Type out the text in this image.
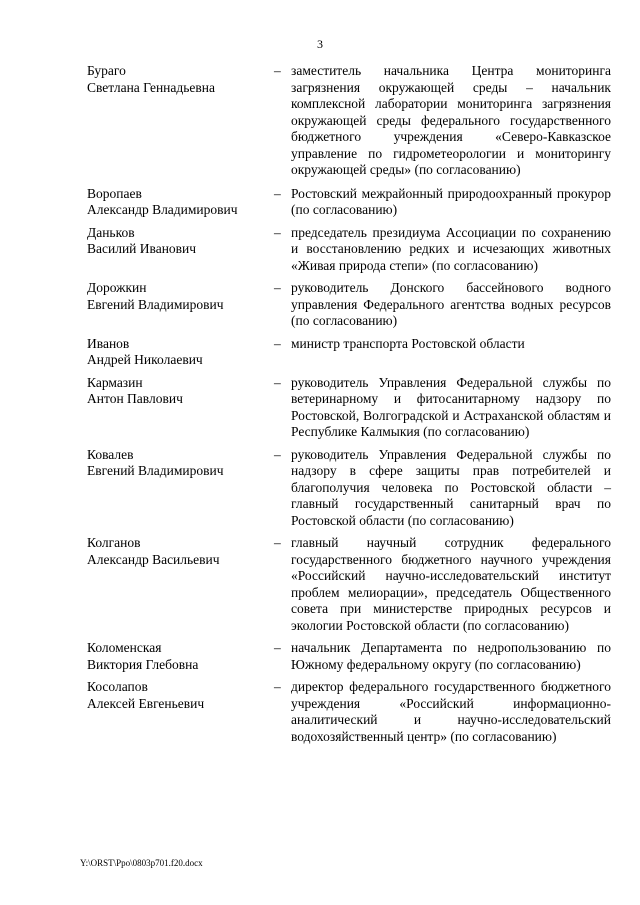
3
Бураго
Светлана Геннадьевна
– заместитель начальника Центра мониторинга загрязнения окружающей среды – начальник комплексной лаборатории мониторинга загрязнения окружающей среды федерального государственного бюджетного учреждения «Северо-Кавказское управление по гидрометеорологии и мониторингу окружающей среды» (по согласованию)
Воропаев
Александр Владимирович
– Ростовский межрайонный природоохранный прокурор (по согласованию)
Даньков
Василий Иванович
– председатель президиума Ассоциации по сохранению и восстановлению редких и исчезающих животных «Живая природа степи» (по согласованию)
Дорожкин
Евгений Владимирович
– руководитель Донского бассейнового водного управления Федерального агентства водных ресурсов (по согласованию)
Иванов
Андрей Николаевич
– министр транспорта Ростовской области
Кармазин
Антон Павлович
– руководитель Управления Федеральной службы по ветеринарному и фитосанитарному надзору по Ростовской, Волгоградской и Астраханской областям и Республике Калмыкия (по согласованию)
Ковалев
Евгений Владимирович
– руководитель Управления Федеральной службы по надзору в сфере защиты прав потребителей и благополучия человека по Ростовской области – главный государственный санитарный врач по Ростовской области (по согласованию)
Колганов
Александр Васильевич
– главный научный сотрудник федерального государственного бюджетного научного учреждения «Российский научно-исследовательский институт проблем мелиорации», председатель Общественного совета при министерстве природных ресурсов и экологии Ростовской области (по согласованию)
Коломенская
Виктория Глебовна
– начальник Департамента по недропользованию по Южному федеральному округу (по согласованию)
Косолапов
Алексей Евгеньевич
– директор федерального государственного бюджетного учреждения «Российский информационно-аналитический и научно-исследовательский водохозяйственный центр» (по согласованию)
Y:\ORST\Ppo\0803p701.f20.docx
